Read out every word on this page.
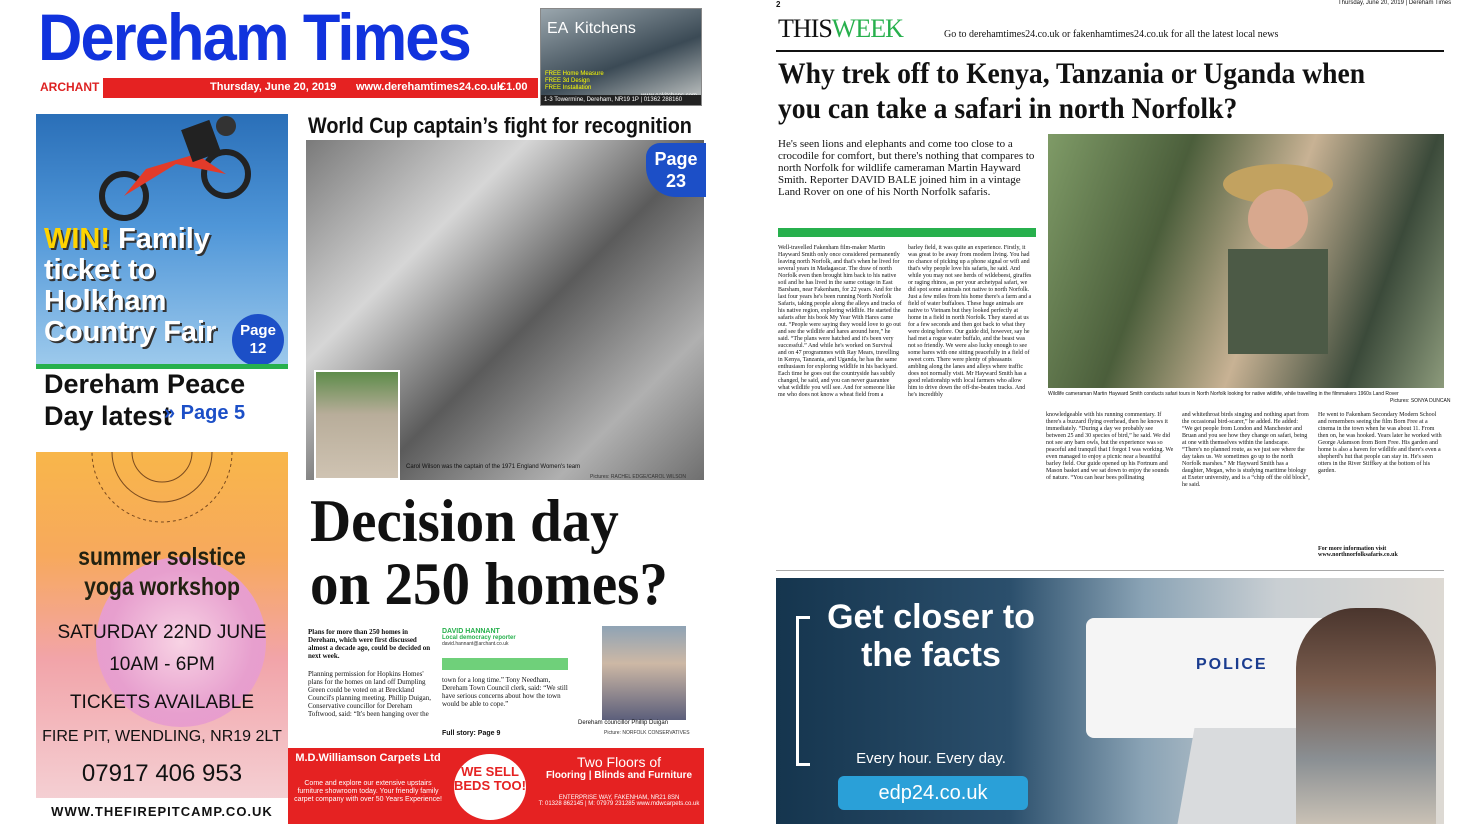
Dereham Times
ARCHANT	Thursday, June 20, 2019 www.derehamtimes24.co.uk
£1.00
EA Kitchens
FREE Home Measure
FREE 3d Design
FREE Installation
1-3 Towermine, Dereham, NR19 1P | 01362 288160
WIN! Family ticket to Holkham Country Fair	Page 12
Dereham Peace Day latest
» Page 5
summer solstice yoga workshop
SATURDAY 22ND JUNE
10AM - 6PM
TICKETS AVAILABLE
FIRE PIT, WENDLING, NR19 2LT
07917 406 953
WWW.THEFIREPITCAMP.CO.UK
World Cup captain’s fight for recognition
Page 23
Carol Wilson was the captain of the 1971 England Women's team
Pictures: RACHEL EDGE/CAROL WILSON
Decision day on 250 homes?
Plans for more than 250 homes in Dereham, which were first discussed almost a decade ago, could be decided on next week.
Planning permission for Hopkins Homes' plans for the homes on land off Dumpling Green could be voted on at Breckland Council's planning meeting. Phillip Duigan, Conservative councillor for Dereham Toftwood, said: “It's been hanging over the
DAVID HANNANT
Local democracy reporter
david.hannant@archant.co.uk
town for a long time.” Tony Needham, Dereham Town Council clerk, said: “We still have serious concerns about how the town would be able to cope.”
Full story: Page 9
Dereham councillor Phillip Duigan
Picture: NORFOLK CONSERVATIVES
M.D.Williamson Carpets Ltd
Come and explore our extensive upstairs furniture showroom today. Your friendly family carpet company with over 50 Years Experience!
WE SELL BEDS TOO!
Two Floors of
Flooring | Blinds and Furniture
ENTERPRISE WAY, FAKENHAM, NR21 8SN
T: 01328 862145 | M: 07979 231285 www.mdwcarpets.co.uk
2	Thursday, June 20, 2019 | Dereham Times
THISWEEK	Go to derehamtimes24.co.uk or fakenhamtimes24.co.uk for all the latest local news
Why trek off to Kenya, Tanzania or Uganda when you can take a safari in north Norfolk?
He's seen lions and elephants and come too close to a crocodile for comfort, but there's nothing that compares to north Norfolk for wildlife cameraman Martin Hayward Smith. Reporter DAVID BALE joined him in a vintage Land Rover on one of his North Norfolk safaris.
Wildlife cameraman Martin Hayward Smith conducts safari tours in North Norfolk looking for native wildlife, while travelling in the filmmakers 1960s Land Rover
Pictures: SONYA DUNCAN
Well-travelled Fakenham film-maker Martin Hayward Smith only once considered permanently leaving north Norfolk, and that's when he lived for several years in Madagascar. The draw of north Norfolk even then brought him back to his native soil and he has lived in the same cottage in East Barsham, near Fakenham, for 22 years. And for the last four years he's been running North Norfolk Safaris, taking people along the alleys and tracks of his native region, exploring wildlife. He started the safaris after his book My Year With Hares came out. “People were saying they would love to go out and see the wildlife and hares around here,” he said. “The plans were hatched and it's been very successful.” And while he's worked on Survival and on 47 programmes with Ray Mears, travelling in Kenya, Tanzania, and Uganda, he has the same enthusiasm for exploring wildlife in his backyard. Each time he goes out the countryside has subtly changed, he said, and you can never guarantee what wildlife you will see. And for someone like me who does not know a wheat field from a
barley field, it was quite an experience. Firstly, it was great to be away from modern living. You had no chance of picking up a phone signal or wifi and that's why people love his safaris, he said. And while you may not see herds of wildebeest, giraffes or raging rhinos, as per your archetypal safari, we did spot some animals not native to north Norfolk. Just a few miles from his home there's a farm and a field of water buffaloes. These huge animals are native to Vietnam but they looked perfectly at home in a field in north Norfolk. They stared at us for a few seconds and then got back to what they were doing before. Our guide did, however, say he had met a rogue water buffalo, and the beast was not so friendly. We were also lucky enough to see some hares with one sitting peacefully in a field of sweet corn. There were plenty of pheasants ambling along the lanes and alleys where traffic does not normally visit. Mr Hayward Smith has a good relationship with local farmers who allow him to drive down the off-the-beaten tracks. And he's incredibly
knowledgeable with his running commentary. If there's a buzzard flying overhead, then he knows it immediately. “During a day we probably see between 25 and 30 species of bird,” he said. We did not see any barn owls, but the experience was so peaceful and tranquil that I forgot I was working. We even managed to enjoy a picnic near a beautiful barley field. Our guide opened up his Fortnum and Mason basket and we sat down to enjoy the sounds of nature. “You can hear bees pollinating
and whitethroat birds singing and nothing apart from the occasional bird-scarer,” he added. He added: “We get people from London and Manchester and Bruan and you see how they change on safari, being at one with themselves within the landscape. “There's no planned route, as we just see where the day takes us. We sometimes go up to the north Norfolk marshes.” Mr Hayward Smith has a daughter, Megan, who is studying maritime biology at Exeter university, and is a “chip off the old block”, he said.
He went to Fakenham Secondary Modern School and remembers seeing the film Born Free at a cinema in the town when he was about 11. From then on, he was hooked. Years later he worked with George Adamson from Born Free. His garden and home is also a haven for wildlife and there's even a shepherd's hut that people can stay in. He's seen otters in the River Stiffkey at the bottom of his garden.
For more information visit www.northnorfolksafaris.co.uk
POLICE
Get closer to the facts
Every hour. Every day.
edp24.co.uk
